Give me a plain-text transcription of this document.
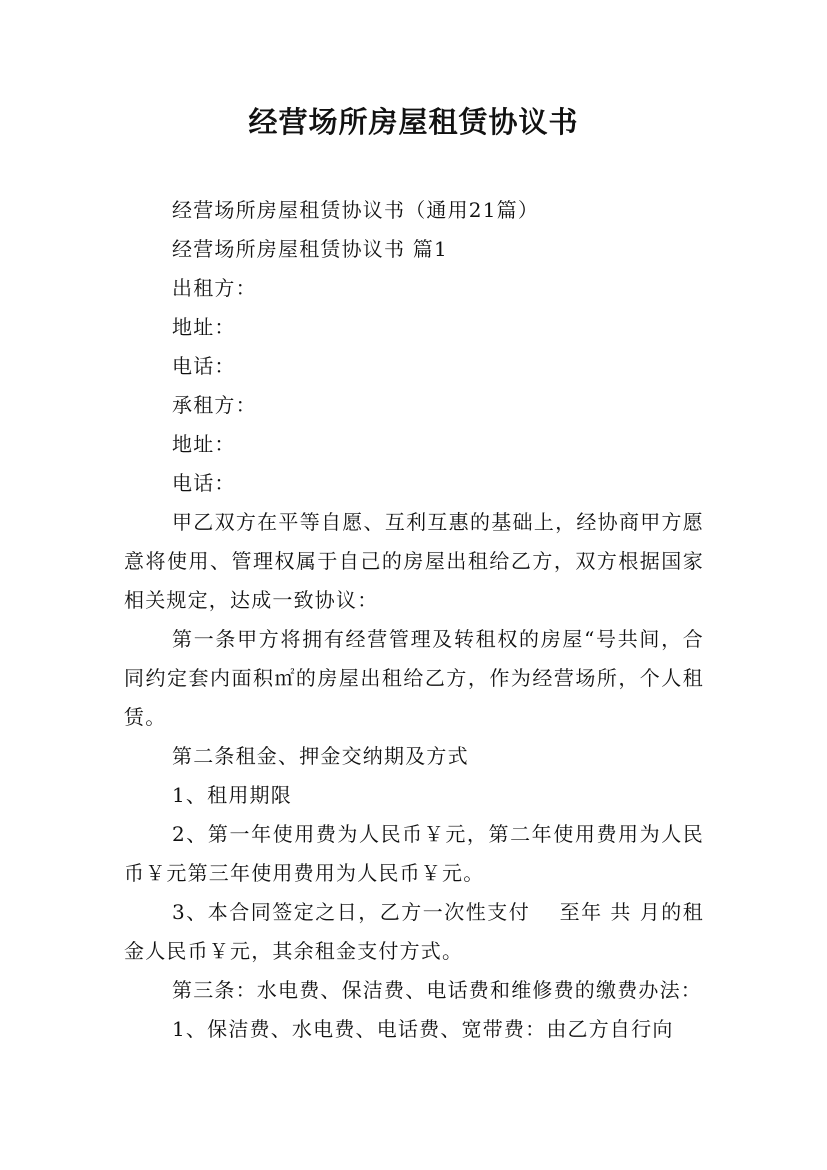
经营场所房屋租赁协议书

经营场所房屋租赁协议书（通用21篇）

经营场所房屋租赁协议书 篇1

出租方：

地址：

电话：

承租方：

地址：

电话：

甲乙双方在平等自愿、互利互惠的基础上，经协商甲方愿意将使用、管理权属于自己的房屋出租给乙方，双方根据国家相关规定，达成一致协议：

第一条甲方将拥有经营管理及转租权的房屋“号共间，合同约定套内面积㎡的房屋出租给乙方，作为经营场所，个人租赁。

第二条租金、押金交纳期及方式

1、租用期限

2、第一年使用费为人民币￥元，第二年使用费用为人民币￥元第三年使用费用为人民币￥元。

3、本合同签定之日，乙方一次性支付　 至年 共 月的租金人民币￥元，其余租金支付方式。

第三条：水电费、保洁费、电话费和维修费的缴费办法：

1、保洁费、水电费、电话费、宽带费：由乙方自行向
